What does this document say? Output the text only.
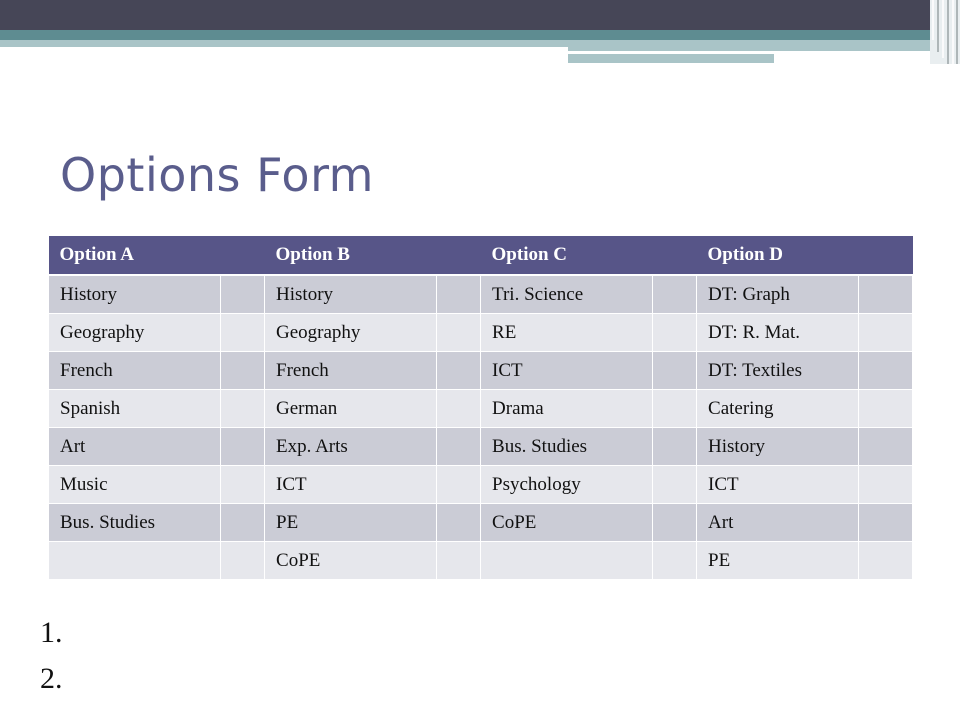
Options Form
Option A		Option B		Option C		Option D	
History		History		Tri. Science		DT: Graph	
Geography		Geography		RE		DT: R. Mat.	
French		French		ICT		DT: Textiles	
Spanish		German		Drama		Catering	
Art		Exp. Arts		Bus. Studies		History	
Music		ICT		Psychology		ICT	
Bus. Studies		PE		CoPE		Art	
		CoPE				PE	
1.
2.
